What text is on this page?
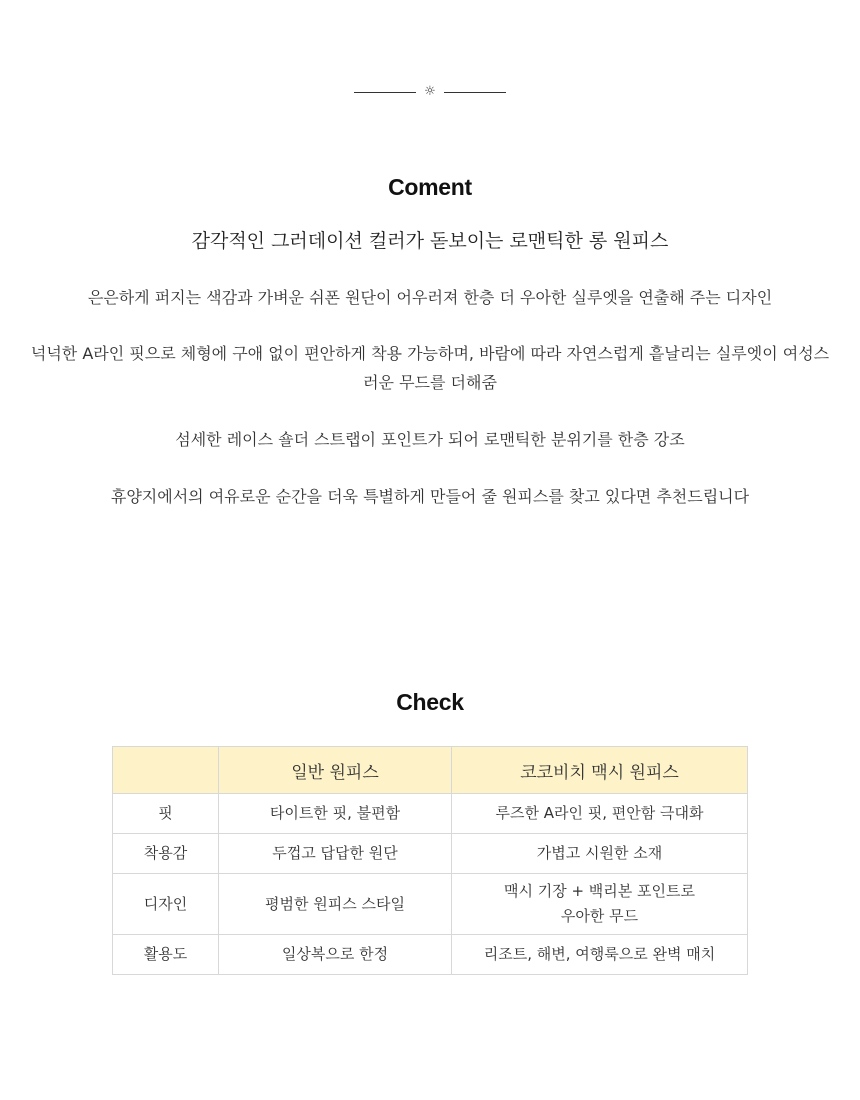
☼
Coment
감각적인 그러데이션 컬러가 돋보이는 로맨틱한 롱 원피스
은은하게 퍼지는 색감과 가벼운 쉬폰 원단이 어우러져 한층 더 우아한 실루엣을 연출해 주는 디자인
넉넉한 A라인 핏으로 체형에 구애 없이 편안하게 착용 가능하며, 바람에 따라 자연스럽게 흩날리는 실루엣이 여성스러운 무드를 더해줌
섬세한 레이스 숄더 스트랩이 포인트가 되어 로맨틱한 분위기를 한층 강조
휴양지에서의 여유로운 순간을 더욱 특별하게 만들어 줄 원피스를 찾고 있다면 추천드립니다
Check
	일반 원피스	코코비치 맥시 원피스
핏	타이트한 핏, 불편함	루즈한 A라인 핏, 편안함 극대화
착용감	두껍고 답답한 원단	가볍고 시원한 소재
디자인	평범한 원피스 스타일	맥시 기장 + 백리본 포인트로
우아한 무드

활용도	일상복으로 한정	리조트, 해변, 여행룩으로 완벽 매치
